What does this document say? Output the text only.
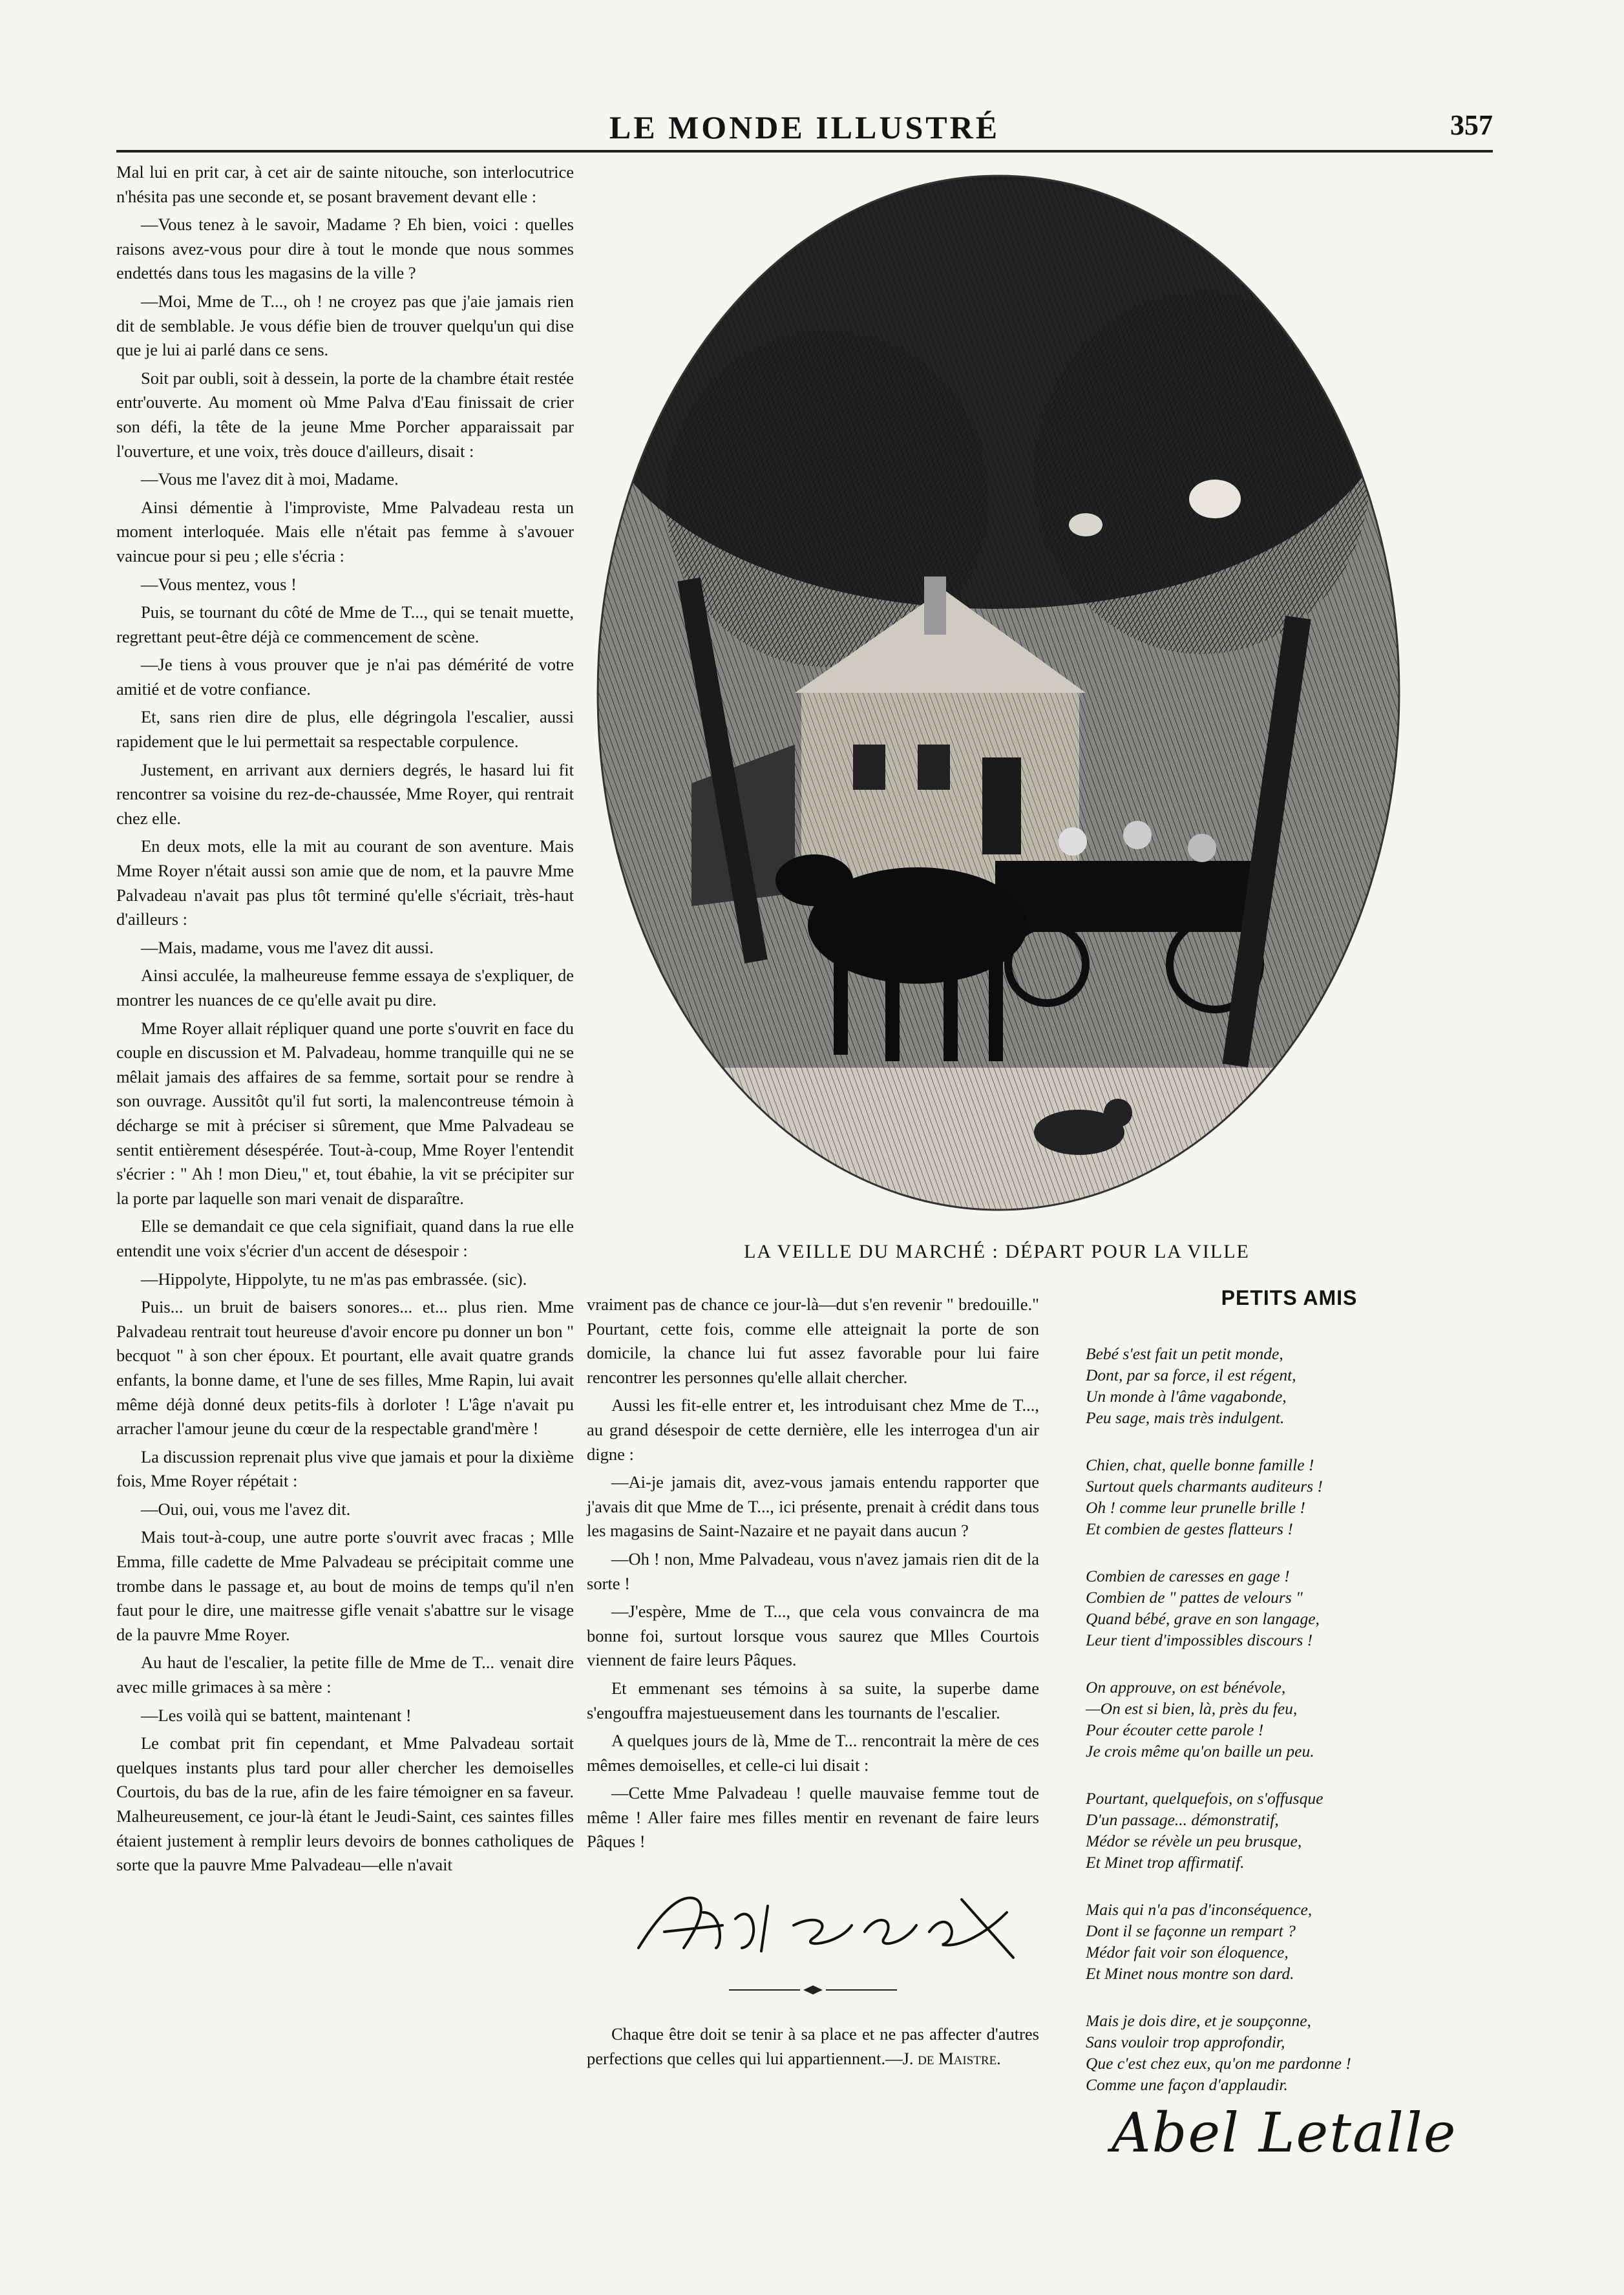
LE MONDE ILLUSTRÉ	357

Mal lui en prit car, à cet air de sainte nitouche, son interlocutrice n'hésita pas une seconde et, se posant bravement devant elle :

—Vous tenez à le savoir, Madame ? Eh bien, voici : quelles raisons avez-vous pour dire à tout le monde que nous sommes endettés dans tous les magasins de la ville ?

—Moi, Mme de T..., oh ! ne croyez pas que j'aie jamais rien dit de semblable. Je vous défie bien de trouver quelqu'un qui dise que je lui ai parlé dans ce sens.

Soit par oubli, soit à dessein, la porte de la chambre était restée entr'ouverte. Au moment où Mme Palva d'Eau finissait de crier son défi, la tête de la jeune Mme Porcher apparaissait par l'ouverture, et une voix, très douce d'ailleurs, disait :

—Vous me l'avez dit à moi, Madame.

Ainsi démentie à l'improviste, Mme Palvadeau resta un moment interloquée. Mais elle n'était pas femme à s'avouer vaincue pour si peu ; elle s'écria :

—Vous mentez, vous !

Puis, se tournant du côté de Mme de T..., qui se tenait muette, regrettant peut-être déjà ce commencement de scène.

—Je tiens à vous prouver que je n'ai pas démérité de votre amitié et de votre confiance.

Et, sans rien dire de plus, elle dégringola l'escalier, aussi rapidement que le lui permettait sa respectable corpulence.

Justement, en arrivant aux derniers degrés, le hasard lui fit rencontrer sa voisine du rez-de-chaussée, Mme Royer, qui rentrait chez elle.

En deux mots, elle la mit au courant de son aventure. Mais Mme Royer n'était aussi son amie que de nom, et la pauvre Mme Palvadeau n'avait pas plus tôt terminé qu'elle s'écriait, très-haut d'ailleurs :

—Mais, madame, vous me l'avez dit aussi.

Ainsi acculée, la malheureuse femme essaya de s'expliquer, de montrer les nuances de ce qu'elle avait pu dire.

Mme Royer allait répliquer quand une porte s'ouvrit en face du couple en discussion et M. Palvadeau, homme tranquille qui ne se mêlait jamais des affaires de sa femme, sortait pour se rendre à son ouvrage. Aussitôt qu'il fut sorti, la malencontreuse témoin à décharge se mit à préciser si sûrement, que Mme Palvadeau se sentit entièrement désespérée. Tout-à-coup, Mme Royer l'entendit s'écrier : " Ah ! mon Dieu," et, tout ébahie, la vit se précipiter sur la porte par laquelle son mari venait de disparaître.

Elle se demandait ce que cela signifiait, quand dans la rue elle entendit une voix s'écrier d'un accent de désespoir :

—Hippolyte, Hippolyte, tu ne m'as pas embrassée. (sic).

Puis... un bruit de baisers sonores... et... plus rien. Mme Palvadeau rentrait tout heureuse d'avoir encore pu donner un bon " becquot " à son cher époux. Et pourtant, elle avait quatre grands enfants, la bonne dame, et l'une de ses filles, Mme Rapin, lui avait même déjà donné deux petits-fils à dorloter ! L'âge n'avait pu arracher l'amour jeune du cœur de la respectable grand'mère !

La discussion reprenait plus vive que jamais et pour la dixième fois, Mme Royer répétait :

—Oui, oui, vous me l'avez dit.

Mais tout-à-coup, une autre porte s'ouvrit avec fracas ; Mlle Emma, fille cadette de Mme Palvadeau se précipitait comme une trombe dans le passage et, au bout de moins de temps qu'il n'en faut pour le dire, une maitresse gifle venait s'abattre sur le visage de la pauvre Mme Royer.

Au haut de l'escalier, la petite fille de Mme de T... venait dire avec mille grimaces à sa mère :

—Les voilà qui se battent, maintenant !

Le combat prit fin cependant, et Mme Palvadeau sortait quelques instants plus tard pour aller chercher les demoiselles Courtois, du bas de la rue, afin de les faire témoigner en sa faveur. Malheureusement, ce jour-là étant le Jeudi-Saint, ces saintes filles étaient justement à remplir leurs devoirs de bonnes catholiques de sorte que la pauvre Mme Palvadeau—elle n'avait

LA VEILLE DU MARCHÉ : DÉPART POUR LA VILLE

vraiment pas de chance ce jour-là—dut s'en revenir " bredouille." Pourtant, cette fois, comme elle atteignait la porte de son domicile, la chance lui fut assez favorable pour lui faire rencontrer les personnes qu'elle allait chercher.

Aussi les fit-elle entrer et, les introduisant chez Mme de T..., au grand désespoir de cette dernière, elle les interrogea d'un air digne :

—Ai-je jamais dit, avez-vous jamais entendu rapporter que j'avais dit que Mme de T..., ici présente, prenait à crédit dans tous les magasins de Saint-Nazaire et ne payait dans aucun ?

—Oh ! non, Mme Palvadeau, vous n'avez jamais rien dit de la sorte !

—J'espère, Mme de T..., que cela vous convaincra de ma bonne foi, surtout lorsque vous saurez que Mlles Courtois viennent de faire leurs Pâques.

Et emmenant ses témoins à sa suite, la superbe dame s'engouffra majestueusement dans les tournants de l'escalier.

A quelques jours de là, Mme de T... rencontrait la mère de ces mêmes demoiselles, et celle-ci lui disait :

—Cette Mme Palvadeau ! quelle mauvaise femme tout de même ! Aller faire mes filles mentir en revenant de faire leurs Pâques !

Chaque être doit se tenir à sa place et ne pas affecter d'autres perfections que celles qui lui appartiennent.—J. de Maistre.
PETITS AMIS
Bebé s'est fait un petit monde,
Dont, par sa force, il est régent,
Un monde à l'âme vagabonde,
Peu sage, mais très indulgent.
Chien, chat, quelle bonne famille !
Surtout quels charmants auditeurs !
Oh ! comme leur prunelle brille !
Et combien de gestes flatteurs !
Combien de caresses en gage !
Combien de " pattes de velours "
Quand bébé, grave en son langage,
Leur tient d'impossibles discours !
On approuve, on est bénévole,
—On est si bien, là, près du feu,
Pour écouter cette parole !
Je crois même qu'on baille un peu.
Pourtant, quelquefois, on s'offusque
D'un passage... démonstratif,
Médor se révèle un peu brusque,
Et Minet trop affirmatif.
Mais qui n'a pas d'inconséquence,
Dont il se façonne un rempart ?
Médor fait voir son éloquence,
Et Minet nous montre son dard.
Mais je dois dire, et je soupçonne,
Sans vouloir trop approfondir,
Que c'est chez eux, qu'on me pardonne !
Comme une façon d'applaudir.
Abel Letalle
